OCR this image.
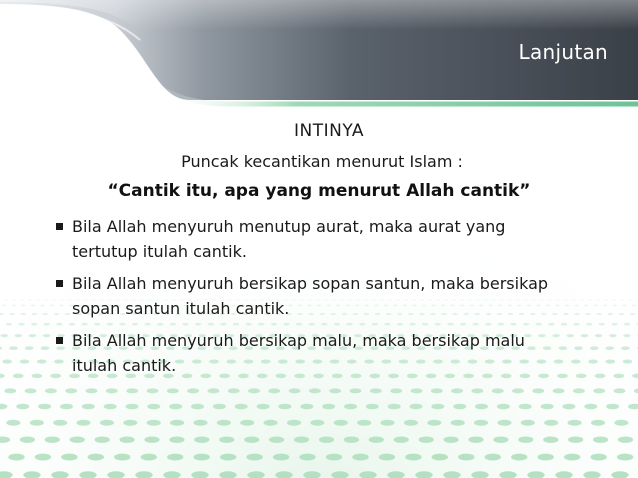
Lanjutan
INTINYA
Puncak kecantikan menurut Islam :
“Cantik itu, apa yang menurut Allah cantik”
Bila Allah menyuruh menutup aurat, maka aurat yang
tertutup itulah cantik.
Bila Allah menyuruh bersikap sopan santun, maka bersikap
sopan santun itulah cantik.
Bila Allah menyuruh bersikap malu, maka bersikap malu
itulah cantik.
